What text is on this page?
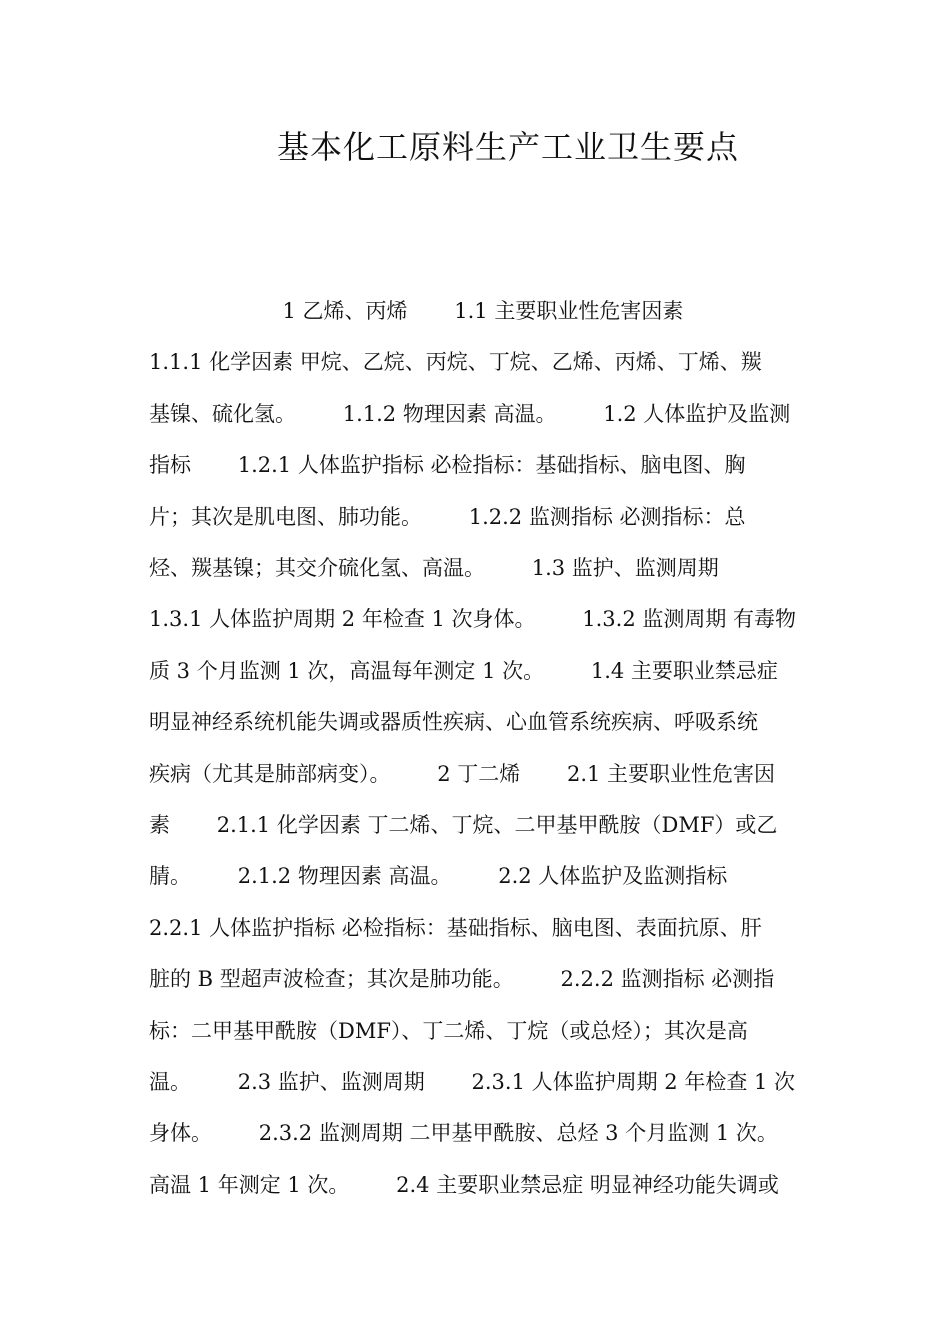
基本化工原料生产工业卫生要点
1 乙烯、丙烯       1.1 主要职业性危害因素
1.1.1 化学因素 甲烷、乙烷、丙烷、丁烷、乙烯、丙烯、丁烯、羰
基镍、硫化氢。       1.1.2 物理因素 高温。       1.2 人体监护及监测
指标       1.2.1 人体监护指标 必检指标：基础指标、脑电图、胸
片；其次是肌电图、肺功能。       1.2.2 监测指标 必测指标：总
烃、羰基镍；其交介硫化氢、高温。       1.3 监护、监测周期
1.3.1 人体监护周期 2 年检查 1 次身体。       1.3.2 监测周期 有毒物
质 3 个月监测 1 次，高温每年测定 1 次。       1.4 主要职业禁忌症
明显神经系统机能失调或器质性疾病、心血管系统疾病、呼吸系统
疾病（尤其是肺部病变）。       2 丁二烯       2.1 主要职业性危害因
素       2.1.1 化学因素 丁二烯、丁烷、二甲基甲酰胺（DMF）或乙
腈。       2.1.2 物理因素 高温。       2.2 人体监护及监测指标
2.2.1 人体监护指标 必检指标：基础指标、脑电图、表面抗原、肝
脏的 B 型超声波检查；其次是肺功能。       2.2.2 监测指标 必测指
标：二甲基甲酰胺（DMF）、丁二烯、丁烷（或总烃）；其次是高
温。       2.3 监护、监测周期       2.3.1 人体监护周期 2 年检查 1 次
身体。       2.3.2 监测周期 二甲基甲酰胺、总烃 3 个月监测 1 次。
高温 1 年测定 1 次。       2.4 主要职业禁忌症 明显神经功能失调或
